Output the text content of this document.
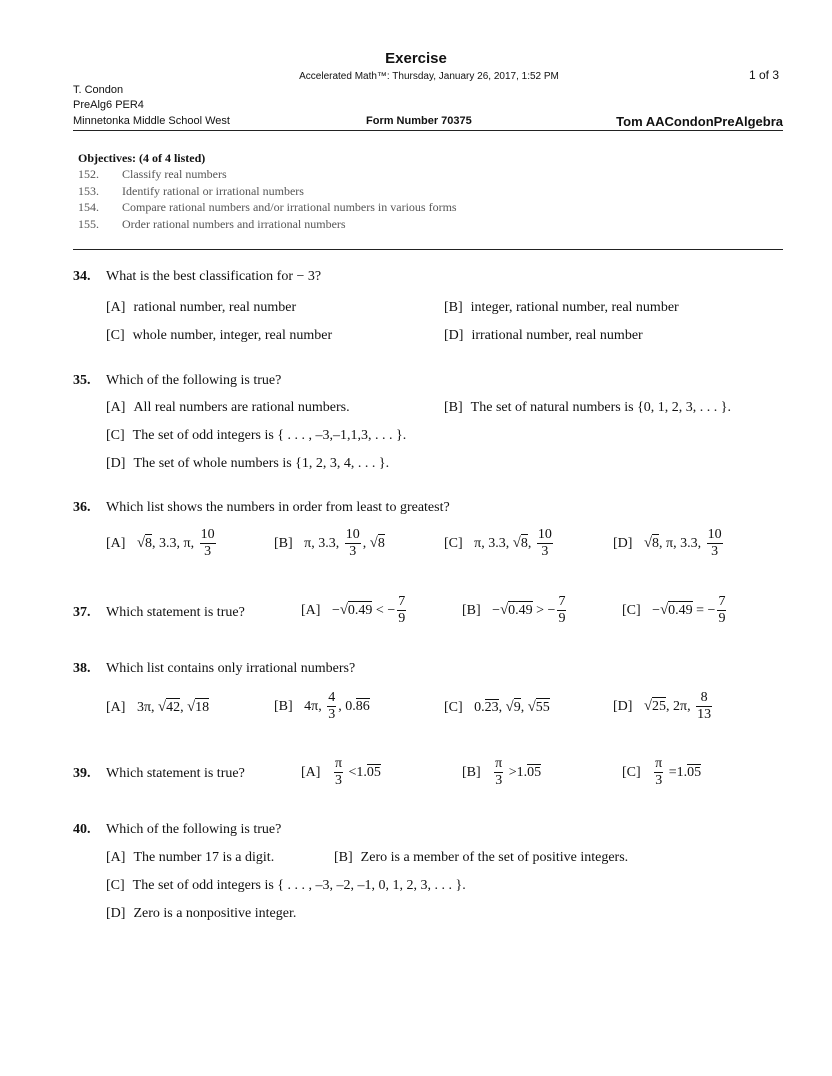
Exercise
Accelerated Math™: Thursday, January 26, 2017, 1:52 PM	1 of 3
T. Condon
PreAlg6 PER4
Minnetonka Middle School West	Form Number 70375	Tom AACondonPreAlgebra
Objectives: (4 of 4 listed)
152. Classify real numbers
153. Identify rational or irrational numbers
154. Compare rational numbers and/or irrational numbers in various forms
155. Order rational numbers and irrational numbers
34. What is the best classification for − 3?
[A] rational number, real number	[B] integer, rational number, real number
[C] whole number, integer, real number	[D] irrational number, real number
35. Which of the following is true?
[A] All real numbers are rational numbers.	[B] The set of natural numbers is {0, 1, 2, 3, . . . }.
[C] The set of odd integers is { . . . , –3,–1,1,3, . . . }.
[D] The set of whole numbers is {1, 2, 3, 4, . . . }.
36. Which list shows the numbers in order from least to greatest?
[A] √8, 3.3, π, $\frac{10}{3}$	[B] π, 3.3, $\frac{10}{3}$ , √8	[C] π, 3.3, √8, $\frac{10}{3}$	[D] √8, π, 3.3, $\frac{10}{3}$
37. Which statement is true?	[A] −√0.49 < − $\frac{7}{9}$	[B] −√0.49 > − $\frac{7}{9}$	[C] −√0.49 = − $\frac{7}{9}$
38. Which list contains only irrational numbers?
[A] 3π, √42, √18	[B] 4π, $\frac{4}{3}$ , 0.86	[C] 0.23, √9, √55	[D] √25, 2π, $\frac{8}{13}$
39. Which statement is true?	$[A] \frac{\pi}{3} <1.05$	$[B] \frac{\pi}{3} >1.05$	$[C] \frac{\pi}{3} =1.05$
40. Which of the following is true?
[A] The number 17 is a digit.	[B] Zero is a member of the set of positive integers.
[C] The set of odd integers is { . . . , –3, –2, –1, 0, 1, 2, 3, . . . }.
[D] Zero is a nonpositive integer.
